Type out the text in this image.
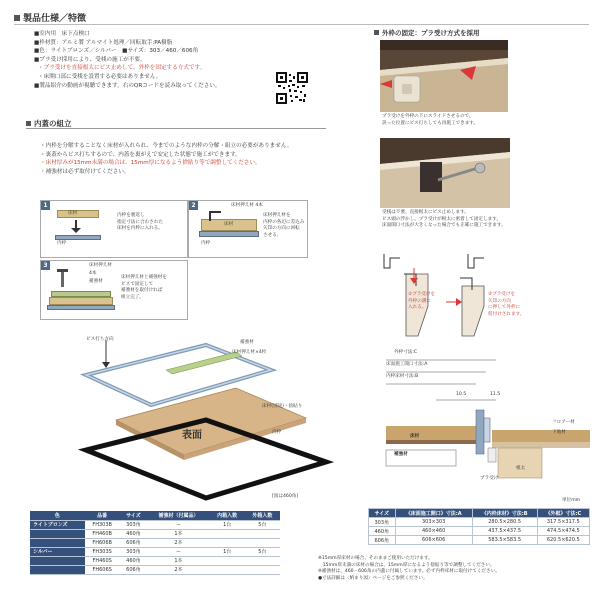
製品仕様／特徴
■室内用　床下点検口
■枠材質：アルミ製 アルマイト処理／回転取手:PA樹脂
■色：ライトブロンズ／シルバー　■サイズ：303／460／606角
■プラ受け採用により、受桟の施工が不要。
・プラ受けを直接根太にビス止めして、外枠を固定する方式です。
・床開口部に受桟を設置する必要はありません。
■製品紹介の動画が視聴できます。右のQRコードを読み取ってください。
内蓋の組立
・内枠を分解することなく床材が入れられ、今までのような内枠の分解・組立の必要がありません。
・裏蓋からビス打ちするので、内蓋を裏がえで安定した状態で施工ができます。
・床材厚みが15mm未満の場合は、15mm厚になるよう捨貼り等で調整してください。
・補強材は必ず取付けてください。
1
床材
内枠
内枠を裏返し
指定寸法に合わされた
床材を内枠に入れる。
2	床材押え材 4本
床材
内枠
床材押え材を
内枠の各辺に差込み
矢印の方向に回転
させる。
3	床材押え材
4本
補強材
床材押え材と補強材を
ビスで固定して
補強材を取付ければ
組立完了。
ビス打ち方向
補強材
床材押え材×4枚
床材(別途)・捨貼り
内枠
表面
[図は460角]
色	品番	サイズ	補強材（付属品）	内箱入数	外箱入数
ライトブロンズ	FH303B	303角	ー	1台	5台
	FH460B	460角	1本		
	FH606B	606角	2本		
シルバー	FH303S	303角	ー	1台	5台
	FH460S	460角	1本		
	FH606S	606角	2本		
外枠の固定：プラ受け方式を採用
プラ受けを外枠の下にスライドさせるので、
誤った位置にビス打ちしても再施工できます。
受桟は不要。直接根太にビス止めします。
ビス頭の浮かし。プラ受けが根太に密着して固定します。
床面開口寸法が大きくなった場合でも正確に施工できます。
①プラ受けを
外枠の溝に
入れる。
②プラ受けを
矢印の方向
に押して外枠に
仮付けされます。
外枠寸法:C
床面施工開口寸法:A
内枠床材寸法:B
10.5	11.5
床材
フロアー材
下地材
補強材
根太
プラ受け
単位mm
サイズ	《床面施工開口》寸法:A	《内枠床材》寸法:B	《外框》寸法:C
303角	303×303	280.5×280.5	317.5×317.5
460角	460×460	437.5×437.5	474.5×474.5
606角	606×606	583.5×583.5	620.5×620.5
※15mm厚床材の場合、そのままご使用いただけます。
　15mm厚未満の床材の場合は、15mm厚になるよう捨貼り等で調整してください。
※補強材は、460・606角の内蓋に付属しています。必ず内枠床材に取付けてください。
●寸法詳細は〈納まり図〉ページをご参照ください。
